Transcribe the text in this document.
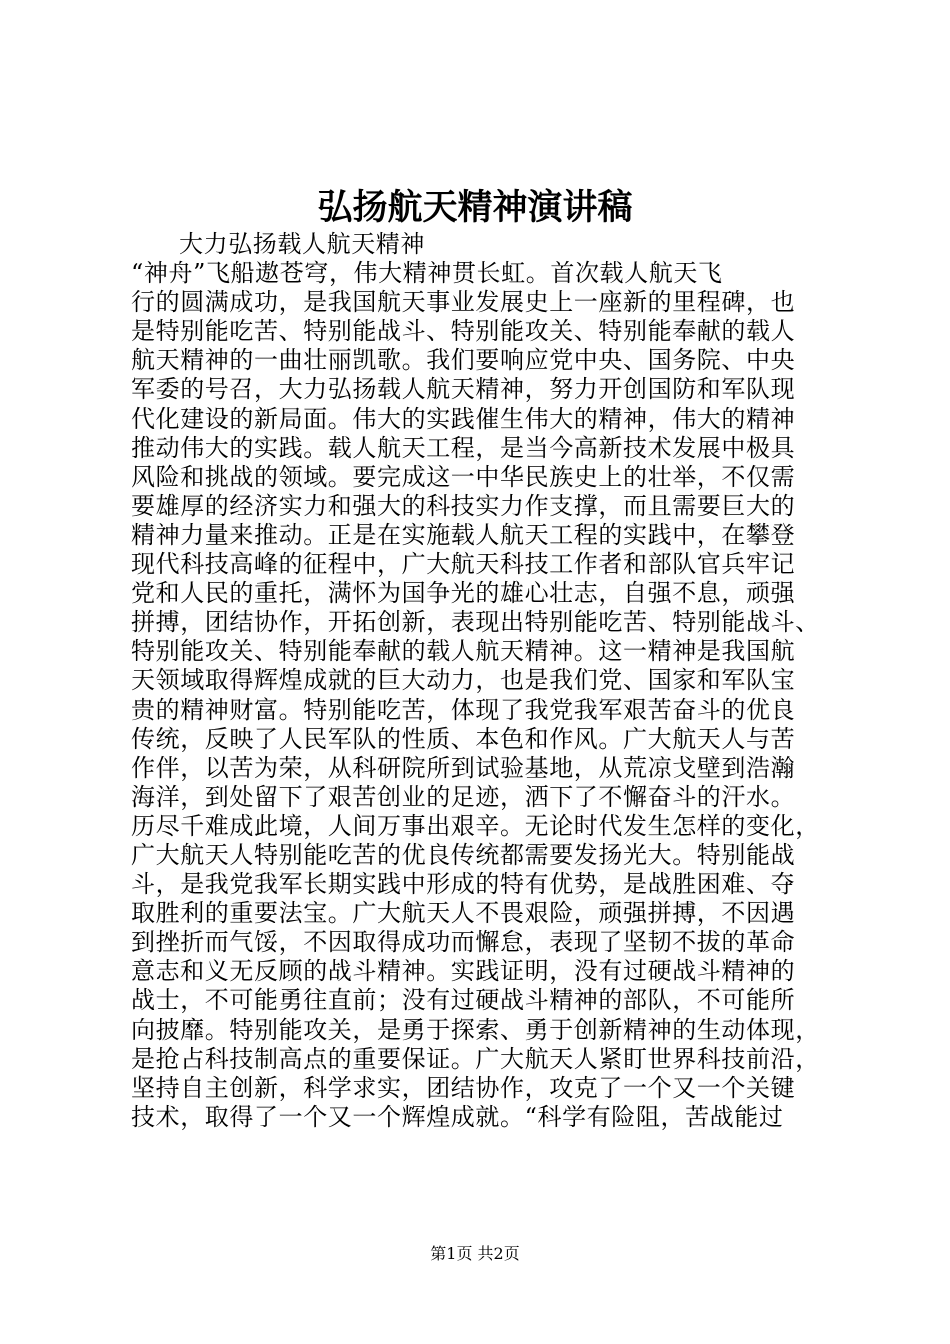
弘扬航天精神演讲稿
大力弘扬载人航天精神
“神舟”飞船遨苍穹，伟大精神贯长虹。首次载人航天飞
行的圆满成功，是我国航天事业发展史上一座新的里程碑，也
是特别能吃苦、特别能战斗、特别能攻关、特别能奉献的载人
航天精神的一曲壮丽凯歌。我们要响应党中央、国务院、中央
军委的号召，大力弘扬载人航天精神，努力开创国防和军队现
代化建设的新局面。伟大的实践催生伟大的精神，伟大的精神
推动伟大的实践。载人航天工程，是当今高新技术发展中极具
风险和挑战的领域。要完成这一中华民族史上的壮举，不仅需
要雄厚的经济实力和强大的科技实力作支撑，而且需要巨大的
精神力量来推动。正是在实施载人航天工程的实践中，在攀登
现代科技高峰的征程中，广大航天科技工作者和部队官兵牢记
党和人民的重托，满怀为国争光的雄心壮志，自强不息，顽强
拼搏，团结协作，开拓创新，表现出特别能吃苦、特别能战斗、
特别能攻关、特别能奉献的载人航天精神。这一精神是我国航
天领域取得辉煌成就的巨大动力，也是我们党、国家和军队宝
贵的精神财富。特别能吃苦，体现了我党我军艰苦奋斗的优良
传统，反映了人民军队的性质、本色和作风。广大航天人与苦
作伴，以苦为荣，从科研院所到试验基地，从荒凉戈壁到浩瀚
海洋，到处留下了艰苦创业的足迹，洒下了不懈奋斗的汗水。
历尽千难成此境，人间万事出艰辛。无论时代发生怎样的变化，
广大航天人特别能吃苦的优良传统都需要发扬光大。特别能战
斗，是我党我军长期实践中形成的特有优势，是战胜困难、夺
取胜利的重要法宝。广大航天人不畏艰险，顽强拼搏，不因遇
到挫折而气馁，不因取得成功而懈怠，表现了坚韧不拔的革命
意志和义无反顾的战斗精神。实践证明，没有过硬战斗精神的
战士，不可能勇往直前；没有过硬战斗精神的部队，不可能所
向披靡。特别能攻关，是勇于探索、勇于创新精神的生动体现，
是抢占科技制高点的重要保证。广大航天人紧盯世界科技前沿，
坚持自主创新，科学求实，团结协作，攻克了一个又一个关键
技术，取得了一个又一个辉煌成就。“科学有险阻，苦战能过
第1页 共2页
